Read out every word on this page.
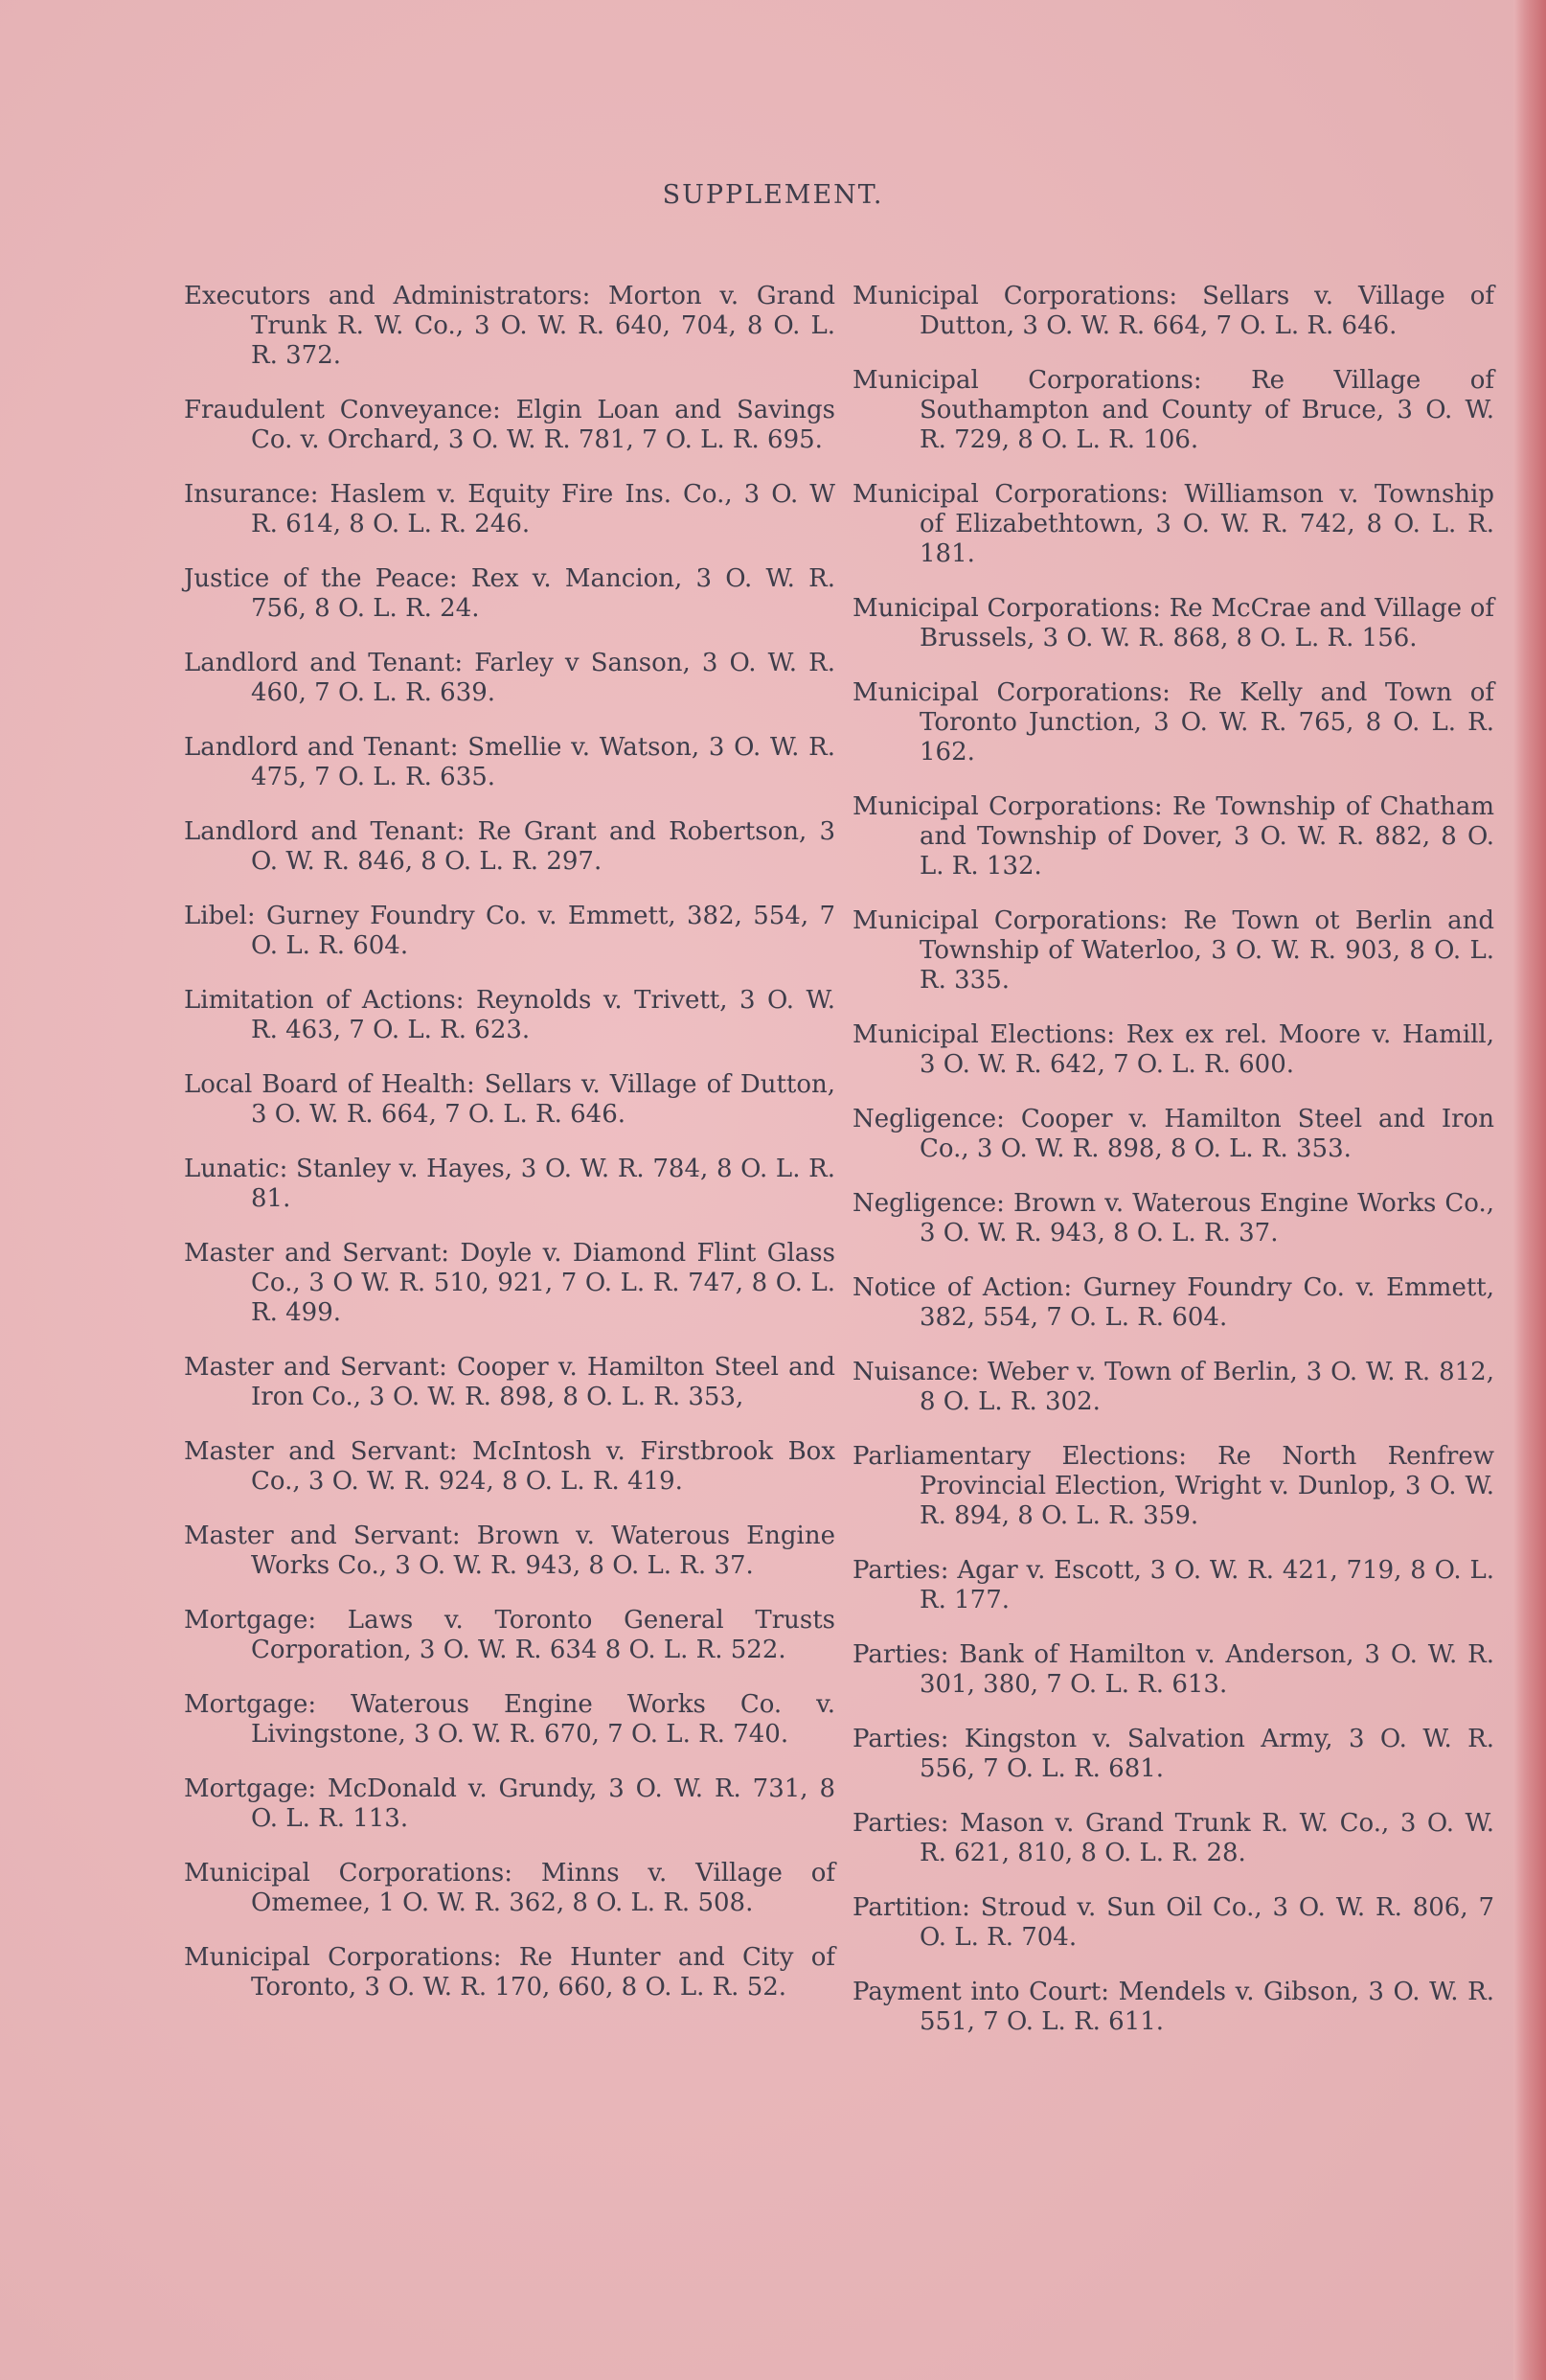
SUPPLEMENT.

Executors and Administrators: Morton v. Grand Trunk R. W. Co., 3 O. W. R. 640, 704, 8 O. L. R. 372.

Fraudulent Conveyance: Elgin Loan and Savings Co. v. Orchard, 3 O. W. R. 781, 7 O. L. R. 695.

Insurance: Haslem v. Equity Fire Ins. Co., 3 O. W R. 614, 8 O. L. R. 246.

Justice of the Peace: Rex v. Mancion, 3 O. W. R. 756, 8 O. L. R. 24.

Landlord and Tenant: Farley v Sanson, 3 O. W. R. 460, 7 O. L. R. 639.

Landlord and Tenant: Smellie v. Watson, 3 O. W. R. 475, 7 O. L. R. 635.

Landlord and Tenant: Re Grant and Robertson, 3 O. W. R. 846, 8 O. L. R. 297.

Libel: Gurney Foundry Co. v. Emmett, 382, 554, 7 O. L. R. 604.

Limitation of Actions: Reynolds v. Trivett, 3 O. W. R. 463, 7 O. L. R. 623.

Local Board of Health: Sellars v. Village of Dutton, 3 O. W. R. 664, 7 O. L. R. 646.

Lunatic: Stanley v. Hayes, 3 O. W. R. 784, 8 O. L. R. 81.

Master and Servant: Doyle v. Diamond Flint Glass Co., 3 O W. R. 510, 921, 7 O. L. R. 747, 8 O. L. R. 499.

Master and Servant: Cooper v. Hamilton Steel and Iron Co., 3 O. W. R. 898, 8 O. L. R. 353,

Master and Servant: McIntosh v. Firstbrook Box Co., 3 O. W. R. 924, 8 O. L. R. 419.

Master and Servant: Brown v. Waterous Engine Works Co., 3 O. W. R. 943, 8 O. L. R. 37.

Mortgage: Laws v. Toronto General Trusts Corporation, 3 O. W. R. 634 8 O. L. R. 522.

Mortgage: Waterous Engine Works Co. v. Livingstone, 3 O. W. R. 670, 7 O. L. R. 740.

Mortgage: McDonald v. Grundy, 3 O. W. R. 731, 8 O. L. R. 113.

Municipal Corporations: Minns v. Village of Omemee, 1 O. W. R. 362, 8 O. L. R. 508.

Municipal Corporations: Re Hunter and City of Toronto, 3 O. W. R. 170, 660, 8 O. L. R. 52.

Municipal Corporations: Sellars v. Village of Dutton, 3 O. W. R. 664, 7 O. L. R. 646.

Municipal Corporations: Re Village of Southampton and County of Bruce, 3 O. W. R. 729, 8 O. L. R. 106.

Municipal Corporations: Williamson v. Township of Elizabethtown, 3 O. W. R. 742, 8 O. L. R. 181.

Municipal Corporations: Re McCrae and Village of Brussels, 3 O. W. R. 868, 8 O. L. R. 156.

Municipal Corporations: Re Kelly and Town of Toronto Junction, 3 O. W. R. 765, 8 O. L. R. 162.

Municipal Corporations: Re Township of Chatham and Township of Dover, 3 O. W. R. 882, 8 O. L. R. 132.

Municipal Corporations: Re Town ot Berlin and Township of Waterloo, 3 O. W. R. 903, 8 O. L. R. 335.

Municipal Elections: Rex ex rel. Moore v. Hamill, 3 O. W. R. 642, 7 O. L. R. 600.

Negligence: Cooper v. Hamilton Steel and Iron Co., 3 O. W. R. 898, 8 O. L. R. 353.

Negligence: Brown v. Waterous Engine Works Co., 3 O. W. R. 943, 8 O. L. R. 37.

Notice of Action: Gurney Foundry Co. v. Emmett, 382, 554, 7 O. L. R. 604.

Nuisance: Weber v. Town of Berlin, 3 O. W. R. 812, 8 O. L. R. 302.

Parliamentary Elections: Re North Renfrew Provincial Election, Wright v. Dunlop, 3 O. W. R. 894, 8 O. L. R. 359.

Parties: Agar v. Escott, 3 O. W. R. 421, 719, 8 O. L. R. 177.

Parties: Bank of Hamilton v. Anderson, 3 O. W. R. 301, 380, 7 O. L. R. 613.

Parties: Kingston v. Salvation Army, 3 O. W. R. 556, 7 O. L. R. 681.

Parties: Mason v. Grand Trunk R. W. Co., 3 O. W. R. 621, 810, 8 O. L. R. 28.

Partition: Stroud v. Sun Oil Co., 3 O. W. R. 806, 7 O. L. R. 704.

Payment into Court: Mendels v. Gibson, 3 O. W. R. 551, 7 O. L. R. 611.
